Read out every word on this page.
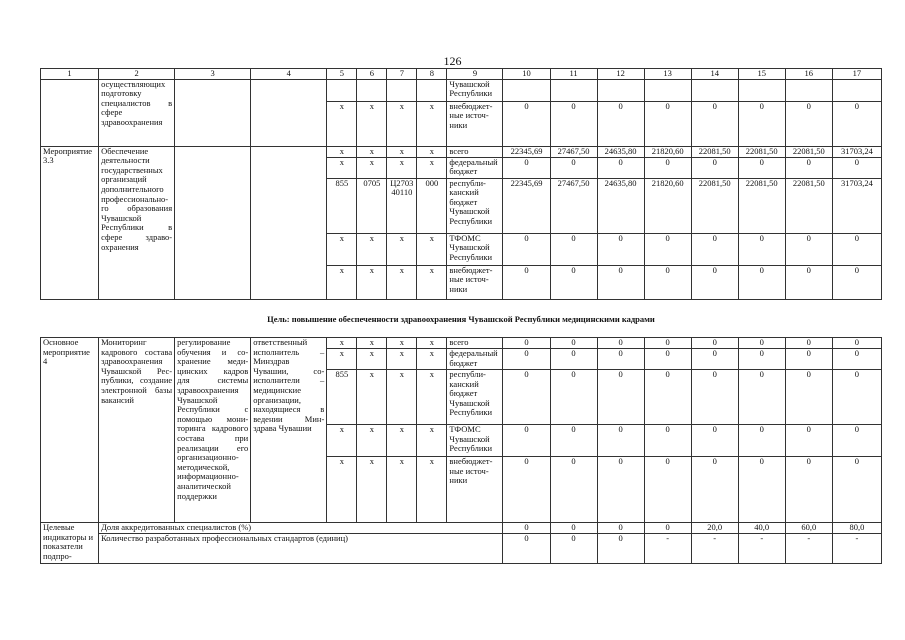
126
1	2	3	4	5	6	7	8	9	10	11	12	13	14	15	16	17
	осуществляющих подготовку специалистов в сфере здравоохранения							Чувашской Республики								
				x	x	x	x	внебюджетные источники	0	0	0	0	0	0	0	0
Мероприятие 3.3	Обеспечение деятельности государственных организаций дополнительного профессионального образования Чувашской Республики в сфере здравоохранения			x	x	x	x	всего	22345,69	27467,50	24635,80	21820,60	22081,50	22081,50	22081,50	31703,24
				x	x	x	x	федеральный бюджет	0	0	0	0	0	0	0	0
				855	0705	Ц2703 40110	000	республиканский бюджет Чувашской Республики	22345,69	27467,50	24635,80	21820,60	22081,50	22081,50	22081,50	31703,24
				x	x	x	x	ТФОМС Чувашской Республики	0	0	0	0	0	0	0	0
				x	x	x	x	внебюджетные источники	0	0	0	0	0	0	0	0
Цель: повышение обеспеченности здравоохранения Чувашской Республики медицинскими кадрами
Основное мероприятие 4	Мониторинг кадрового состава здравоохранения Чувашской Республики, создание электронной базы вакансий	регулирование обучения и сохранение медицинских кадров для системы здравоохранения Чувашской Республики с помощью мониторинга кадрового состава при реализации его организационно-методической, информационно-аналитической поддержки	ответственный исполнитель – Минздрав Чувашии, соисполнители – медицинские организации, находящиеся в ведении Минздрава Чувашии	x	x	x	x	всего	0	0	0	0	0	0	0	0
				x	x	x	x	федеральный бюджет	0	0	0	0	0	0	0	0
				855	x	x	x	республиканский бюджет Чувашской Республики	0	0	0	0	0	0	0	0
				x	x	x	x	ТФОМС Чувашской Республики	0	0	0	0	0	0	0	0
				x	x	x	x	внебюджетные источники	0	0	0	0	0	0	0	0
Целевые индикаторы и показатели подпро-	Доля аккредитованных специалистов (%)								0	0	0	0	20,0	40,0	60,0	80,0
	Количество разработанных профессиональных стандартов (единиц)								0	0	0	-	-	-	-	-
